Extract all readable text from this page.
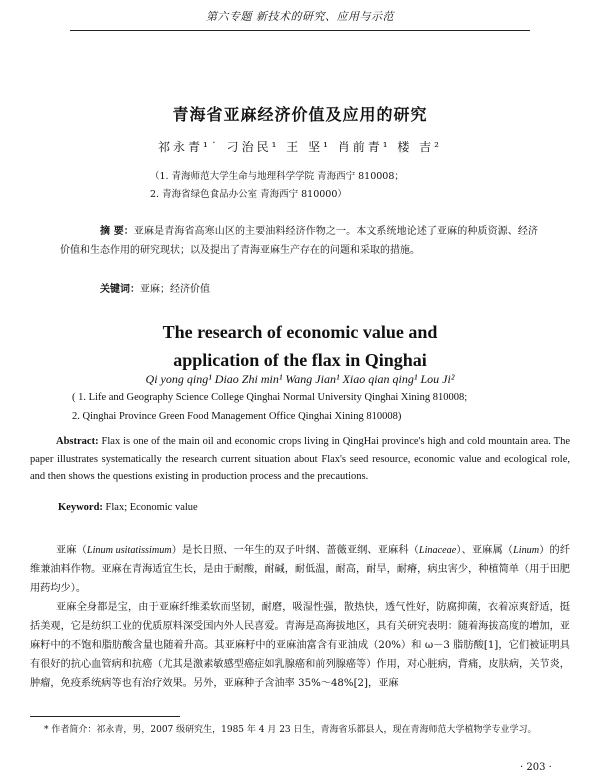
第六专题 新技术的研究、应用与示范
青海省亚麻经济价值及应用的研究
祁永青¹˙ 刁治民¹ 王 坚¹ 肖前青¹ 楼 吉²
（1. 青海师范大学生命与地理科学学院 青海西宁 810008；
2. 青海省绿色食品办公室 青海西宁 810000）
摘 要：亚麻是青海省高寒山区的主要油料经济作物之一。本文系统地论述了亚麻的种质资源、经济价值和生态作用的研究现状；以及提出了青海亚麻生产存在的问题和采取的措施。
关键词：亚麻；经济价值
The research of economic value and
application of the flax in Qinghai
Qi yong qing¹ Diao Zhi min¹ Wang Jian¹ Xiao qian qing¹ Lou Ji²
( 1. Life and Geography Science College Qinghai Normal University Qinghai Xining 810008;
2. Qinghai Province Green Food Management Office Qinghai Xining 810008)
Abstract: Flax is one of the main oil and economic crops living in QingHai province's high and cold mountain area. The paper illustrates systematically the research current situation about Flax's seed resource, economic value and ecological role, and then shows the questions existing in production process and the precautions.
Keyword: Flax; Economic value
亚麻（Linum usitatissimum）是长日照、一年生的双子叶纲、蔷薇亚纲、亚麻科（Linaceae）、亚麻属（Linum）的纤维兼油料作物。亚麻在青海适宜生长，是由于耐酸，耐碱，耐低温，耐高，耐旱，耐瘠，病虫害少，种植简单（用于田肥用药均少）。
亚麻全身都是宝，由于亚麻纤维柔软而坚韧，耐磨，吸湿性强，散热快，透气性好，防腐抑菌，衣着凉爽舒适，挺括美观，它是纺织工业的优质原料深受国内外人民喜爱。青海是高海拔地区，具有关研究表明：随着海拔高度的增加，亚麻籽中的不饱和脂肪酸含量也随着升高。其亚麻籽中的亚麻油富含有亚油成（20%）和 ω－3 脂肪酸[1]，它们被证明具有很好的抗心血管病和抗癌（尤其是激素敏感型癌症如乳腺癌和前列腺癌等）作用，对心脏病，背痛，皮肤病，关节炎，肿瘤，免疫系统病等也有治疗效果。另外，亚麻种子含油率 35%～48%[2]，亚麻
* 作者简介：祁永青，男，2007 级研究生，1985 年 4 月 23 日生，青海省乐都县人，现在青海师范大学植物学专业学习。
· 203 ·
